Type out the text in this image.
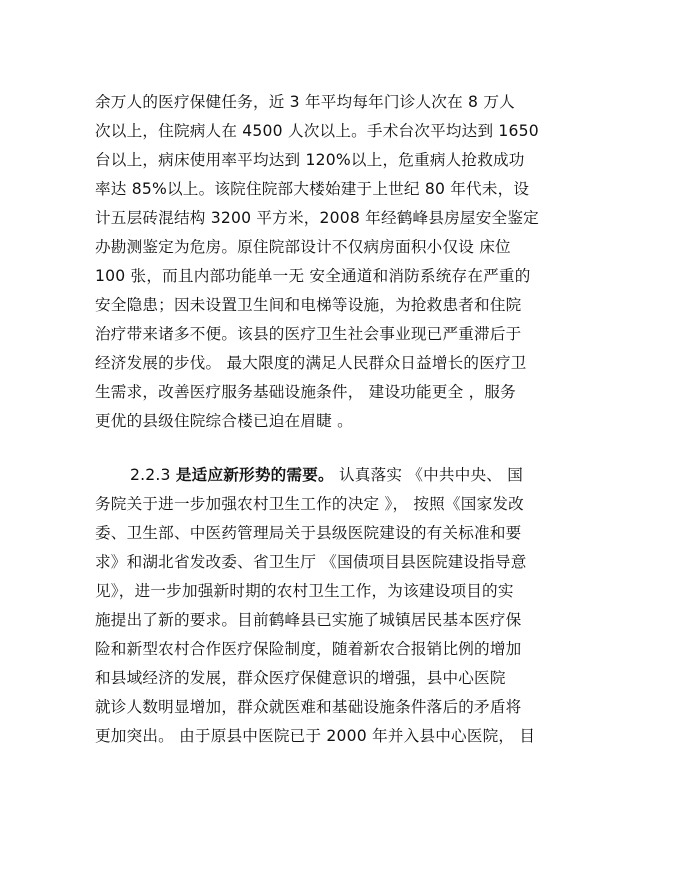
余万人的医疗保健任务，近 3 年平均每年门诊人次在 8 万人
次以上，住院病人在 4500 人次以上。手术台次平均达到 1650
台以上，病床使用率平均达到 120%以上，危重病人抢救成功
率达 85%以上。该院住院部大楼始建于上世纪 80 年代未，设
计五层砖混结构 3200 平方米，2008 年经鹤峰县房屋安全鉴定
办勘测鉴定为危房。原住院部设计不仅病房面积小仅设 床位
100 张，而且内部功能单一无 安全通道和消防系统存在严重的
安全隐患；因未设置卫生间和电梯等设施，为抢救患者和住院
治疗带来诸多不便。该县的医疗卫生社会事业现已严重滞后于
经济发展的步伐。 最大限度的满足人民群众日益增长的医疗卫
生需求，改善医疗服务基础设施条件， 建设功能更全 ，服务
更优的县级住院综合楼已迫在眉睫 。
2.2.3 是适应新形势的需要。 认真落实 《中共中央、 国
务院关于进一步加强农村卫生工作的决定 》， 按照《国家发改
委、卫生部、中医药管理局关于县级医院建设的有关标准和要
求》和湖北省发改委、省卫生厅 《国债项目县医院建设指导意
见》，进一步加强新时期的农村卫生工作，为该建设项目的实
施提出了新的要求。目前鹤峰县已实施了城镇居民基本医疗保
险和新型农村合作医疗保险制度，随着新农合报销比例的增加
和县域经济的发展，群众医疗保健意识的增强，县中心医院
就诊人数明显增加，群众就医难和基础设施条件落后的矛盾将
更加突出。 由于原县中医院已于 2000 年并入县中心医院， 目
